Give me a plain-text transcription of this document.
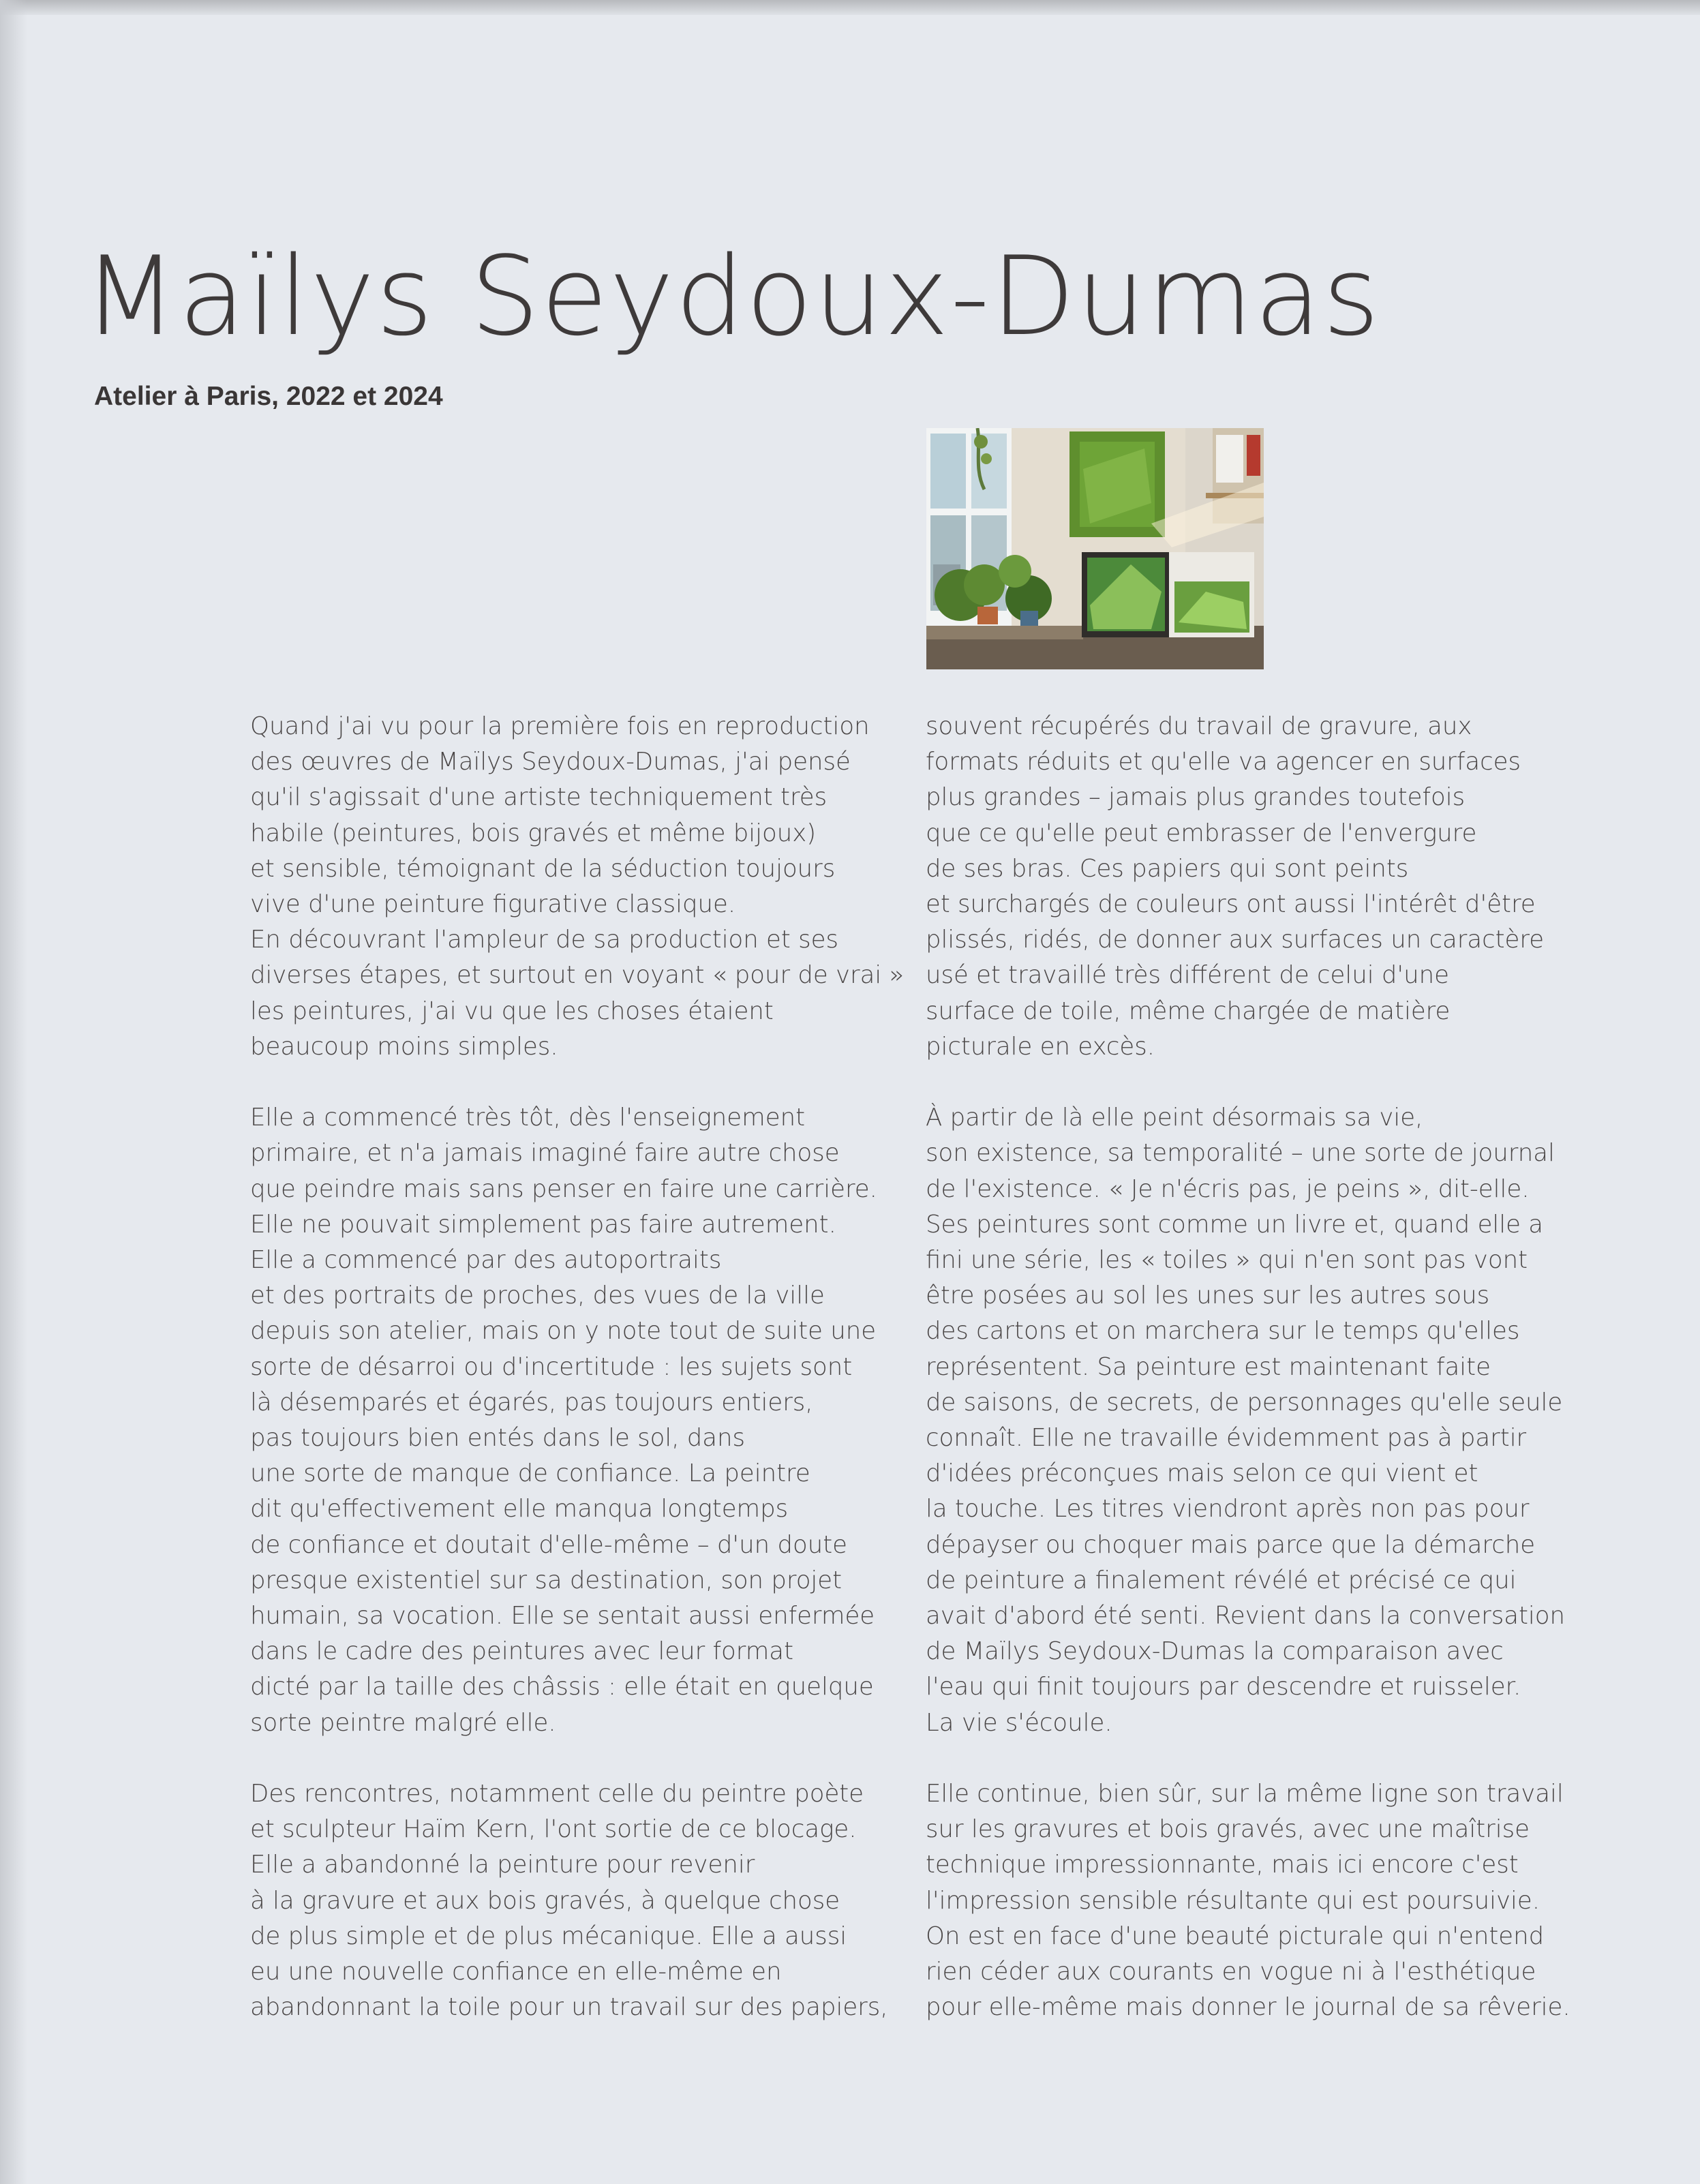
Maïlys Seydoux-Dumas
Atelier à Paris, 2022 et 2024

Quand j'ai vu pour la première fois en reproduction
des œuvres de Maïlys Seydoux-Dumas, j'ai pensé
qu'il s'agissait d'une artiste techniquement très
habile (peintures, bois gravés et même bijoux)
et sensible, témoignant de la séduction toujours
vive d'une peinture figurative classique.
En découvrant l'ampleur de sa production et ses
diverses étapes, et surtout en voyant « pour de vrai »
les peintures, j'ai vu que les choses étaient
beaucoup moins simples.

Elle a commencé très tôt, dès l'enseignement
primaire, et n'a jamais imaginé faire autre chose
que peindre mais sans penser en faire une carrière.
Elle ne pouvait simplement pas faire autrement.
Elle a commencé par des autoportraits
et des portraits de proches, des vues de la ville
depuis son atelier, mais on y note tout de suite une
sorte de désarroi ou d'incertitude : les sujets sont
là désemparés et égarés, pas toujours entiers,
pas toujours bien entés dans le sol, dans
une sorte de manque de confiance. La peintre
dit qu'effectivement elle manqua longtemps
de confiance et doutait d'elle-même – d'un doute
presque existentiel sur sa destination, son projet
humain, sa vocation. Elle se sentait aussi enfermée
dans le cadre des peintures avec leur format
dicté par la taille des châssis : elle était en quelque
sorte peintre malgré elle.

Des rencontres, notamment celle du peintre poète
et sculpteur Haïm Kern, l'ont sortie de ce blocage.
Elle a abandonné la peinture pour revenir
à la gravure et aux bois gravés, à quelque chose
de plus simple et de plus mécanique. Elle a aussi
eu une nouvelle confiance en elle-même en
abandonnant la toile pour un travail sur des papiers,

souvent récupérés du travail de gravure, aux
formats réduits et qu'elle va agencer en surfaces
plus grandes – jamais plus grandes toutefois
que ce qu'elle peut embrasser de l'envergure
de ses bras. Ces papiers qui sont peints
et surchargés de couleurs ont aussi l'intérêt d'être
plissés, ridés, de donner aux surfaces un caractère
usé et travaillé très différent de celui d'une
surface de toile, même chargée de matière
picturale en excès.

À partir de là elle peint désormais sa vie,
son existence, sa temporalité – une sorte de journal
de l'existence. « Je n'écris pas, je peins », dit-elle.
Ses peintures sont comme un livre et, quand elle a
fini une série, les « toiles » qui n'en sont pas vont
être posées au sol les unes sur les autres sous
des cartons et on marchera sur le temps qu'elles
représentent. Sa peinture est maintenant faite
de saisons, de secrets, de personnages qu'elle seule
connaît. Elle ne travaille évidemment pas à partir
d'idées préconçues mais selon ce qui vient et
la touche. Les titres viendront après non pas pour
dépayser ou choquer mais parce que la démarche
de peinture a finalement révélé et précisé ce qui
avait d'abord été senti. Revient dans la conversation
de Maïlys Seydoux-Dumas la comparaison avec
l'eau qui finit toujours par descendre et ruisseler.
La vie s'écoule.

Elle continue, bien sûr, sur la même ligne son travail
sur les gravures et bois gravés, avec une maîtrise
technique impressionnante, mais ici encore c'est
l'impression sensible résultante qui est poursuivie.
On est en face d'une beauté picturale qui n'entend
rien céder aux courants en vogue ni à l'esthétique
pour elle-même mais donner le journal de sa rêverie.
